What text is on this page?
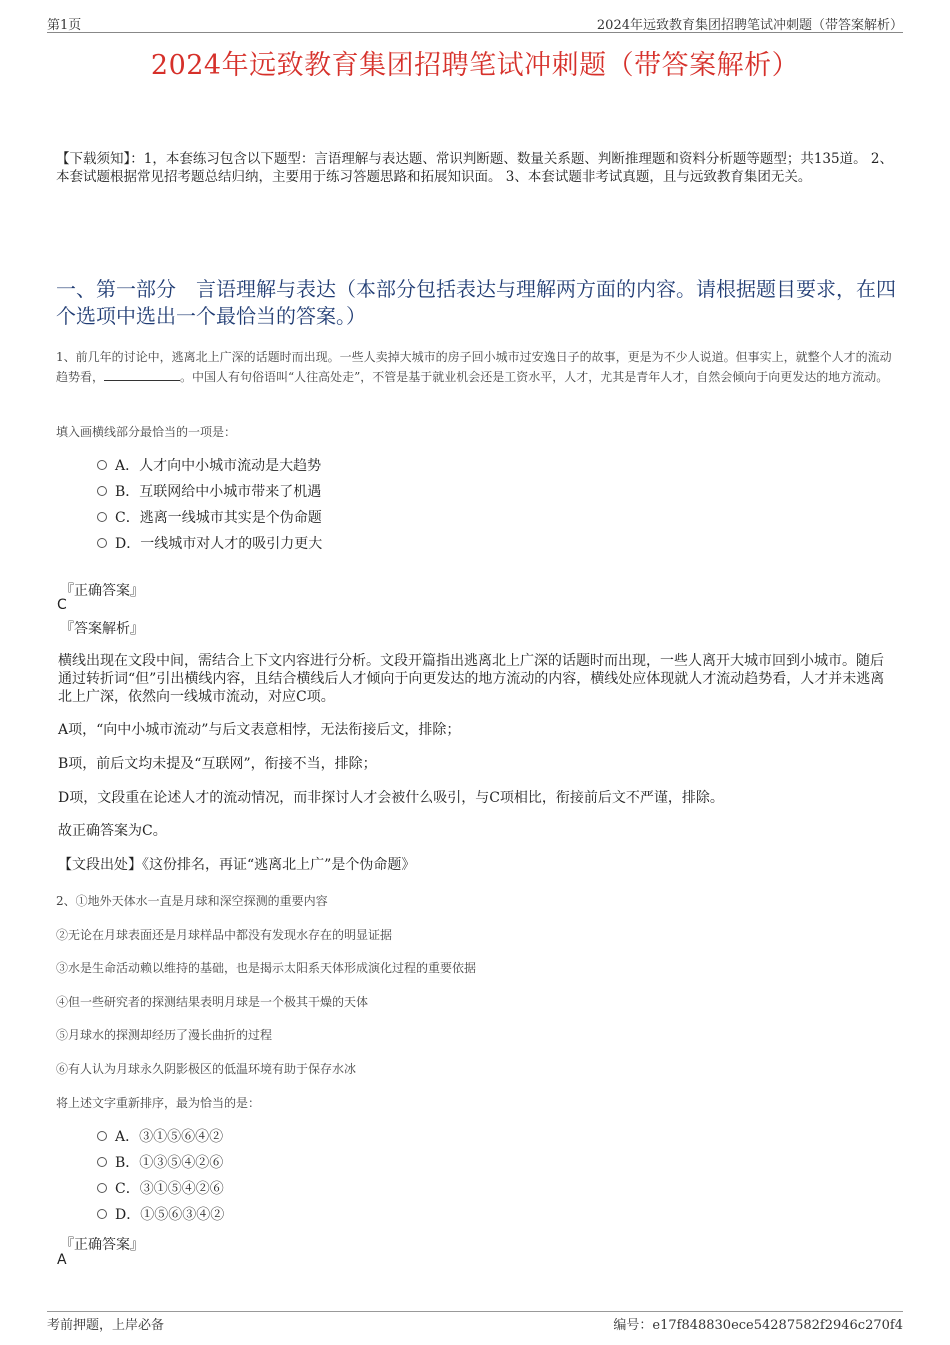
第1页	2024年远致教育集团招聘笔试冲刺题（带答案解析）
2024年远致教育集团招聘笔试冲刺题（带答案解析）
【下载须知】：1，本套练习包含以下题型：言语理解与表达题、常识判断题、数量关系题、判断推理题和资料分析题等题型；共135道。 2、本套试题根据常见招考题总结归纳，主要用于练习答题思路和拓展知识面。 3、本套试题非考试真题，且与远致教育集团无关。
一、第一部分　言语理解与表达（本部分包括表达与理解两方面的内容。请根据题目要求，在四个选项中选出一个最恰当的答案。）
1、前几年的讨论中，逃离北上广深的话题时而出现。一些人卖掉大城市的房子回小城市过安逸日子的故事，更是为不少人说道。但事实上，就整个人才的流动趋势看，	。中国人有句俗语叫“人往高处走”，不管是基于就业机会还是工资水平，人才，尤其是青年人才，自然会倾向于向更发达的地方流动。
填入画横线部分最恰当的一项是：
A．人才向中小城市流动是大趋势
B．互联网给中小城市带来了机遇
C．逃离一线城市其实是个伪命题
D．一线城市对人才的吸引力更大
『正确答案』
C
『答案解析』
横线出现在文段中间，需结合上下文内容进行分析。文段开篇指出逃离北上广深的话题时而出现，一些人离开大城市回到小城市。随后通过转折词“但”引出横线内容，且结合横线后人才倾向于向更发达的地方流动的内容，横线处应体现就人才流动趋势看，人才并未逃离北上广深，依然向一线城市流动，对应C项。
A项，“向中小城市流动”与后文表意相悖，无法衔接后文，排除；
B项，前后文均未提及“互联网”，衔接不当，排除；
D项，文段重在论述人才的流动情况，而非探讨人才会被什么吸引，与C项相比，衔接前后文不严谨，排除。
故正确答案为C。
【文段出处】《这份排名，再证“逃离北上广”是个伪命题》
2、①地外天体水一直是月球和深空探测的重要内容
②无论在月球表面还是月球样品中都没有发现水存在的明显证据
③水是生命活动赖以维持的基础，也是揭示太阳系天体形成演化过程的重要依据
④但一些研究者的探测结果表明月球是一个极其干燥的天体
⑤月球水的探测却经历了漫长曲折的过程
⑥有人认为月球永久阴影极区的低温环境有助于保存水冰
将上述文字重新排序，最为恰当的是：
A．③①⑤⑥④②
B．①③⑤④②⑥
C．③①⑤④②⑥
D．①⑤⑥③④②
『正确答案』
A
考前押题，上岸必备	编号：e17f848830ece54287582f2946c270f4
